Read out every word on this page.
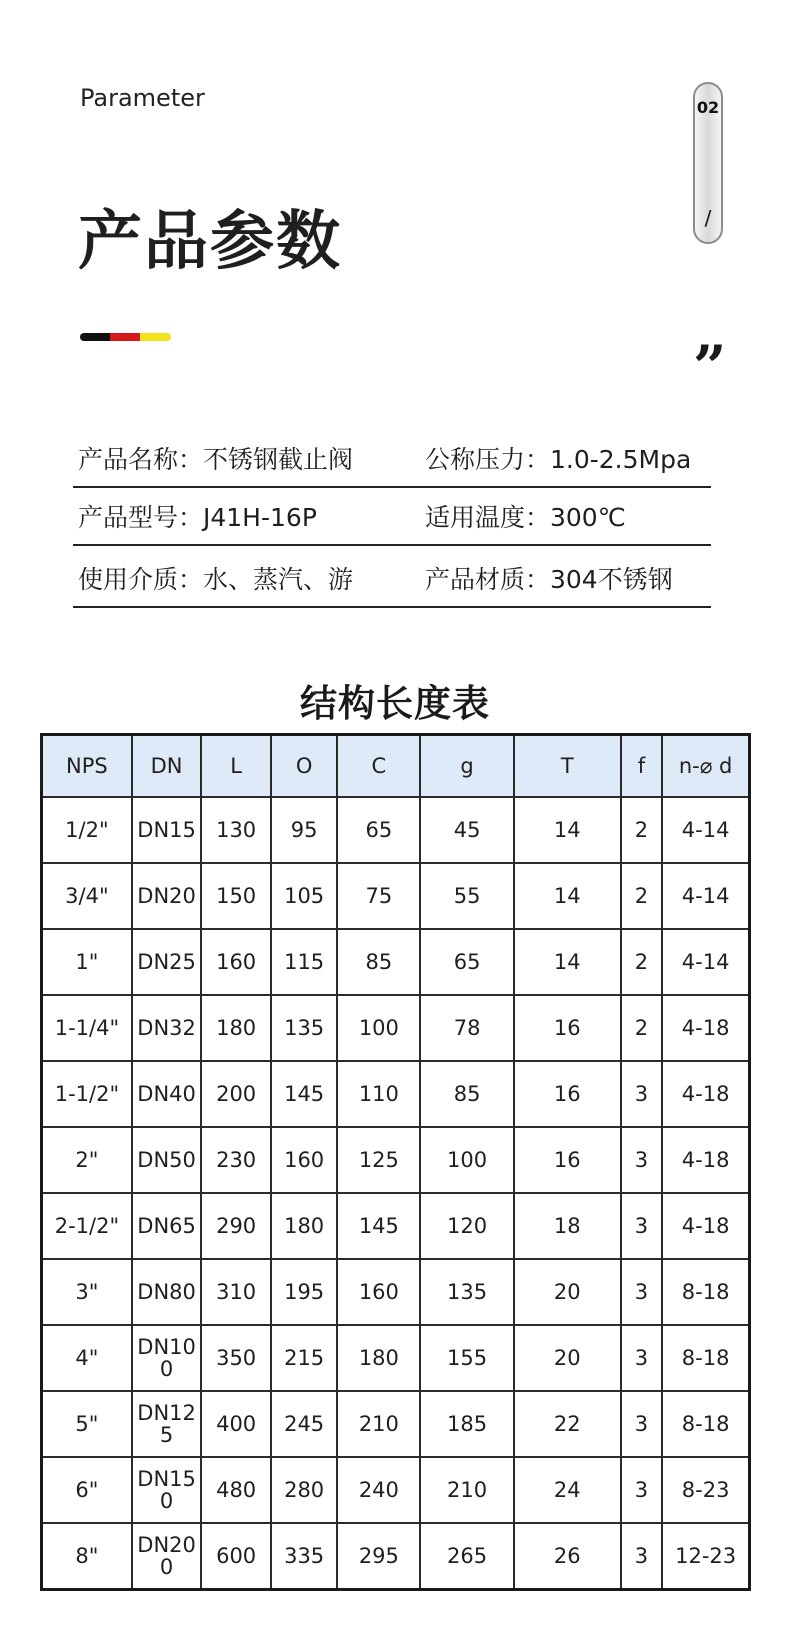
Parameter
产品参数
02
/
”
产品名称：不锈钢截止阀	公称压力：1.0-2.5Mpa
产品型号：J41H-16P	适用温度：300℃
使用介质：水、蒸汽、游	产品材质：304不锈钢
结构长度表
NPS	DN	L	O	C	g	T	f	n-⌀ d
1/2"	DN15	130	95	65	45	14	2	4-14
3/4"	DN20	150	105	75	55	14	2	4-14
1"	DN25	160	115	85	65	14	2	4-14
1-1/4"	DN32	180	135	100	78	16	2	4-18
1-1/2"	DN40	200	145	110	85	16	3	4-18
2"	DN50	230	160	125	100	16	3	4-18
2-1/2"	DN65	290	180	145	120	18	3	4-18
3"	DN80	310	195	160	135	20	3	8-18
4"	DN100	350	215	180	155	20	3	8-18
5"	DN125	400	245	210	185	22	3	8-18
6"	DN150	480	280	240	210	24	3	8-23
8"	DN200	600	335	295	265	26	3	12-23
